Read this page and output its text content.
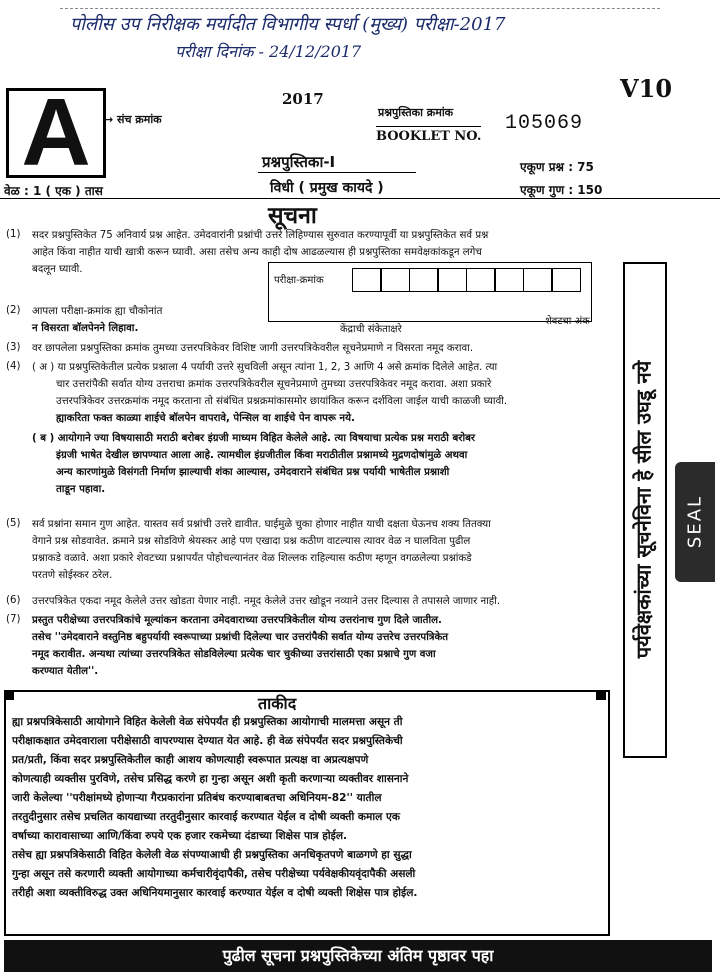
पोलीस उप निरीक्षक मर्यादीत विभागीय स्पर्धा (मुख्य) परीक्षा-2017
परीक्षा दिनांक - 24/12/2017
A	→ संच क्रमांक
2017
प्रश्नपुस्तिका क्रमांक
BOOKLET NO.
105069
V10
प्रश्नपुस्तिका-I
विधी ( प्रमुख कायदे )
वेळ : 1 ( एक ) तास
एकूण प्रश्न : 75
एकूण गुण : 150
सूचना
(1) सदर प्रश्नपुस्तिकेत 75 अनिवार्य प्रश्न आहेत. उमेदवारांनी प्रश्नांची उत्तरे लिहिण्यास सुरुवात करण्यापूर्वी या प्रश्नपुस्तिकेत सर्व प्रश्न
आहेत किंवा नाहीत याची खात्री करून घ्यावी. असा तसेच अन्य काही दोष आढळल्यास ही प्रश्नपुस्तिका समवेक्षकांकडून लगेच
बदलून घ्यावी.
परीक्षा-क्रमांक
केंद्राची संकेताक्षरे
शेवटचा अंक
(2) आपला परीक्षा-क्रमांक ह्या चौकोनांत
न विसरता बॉलपेनने लिहावा.
(3) वर छापलेला प्रश्नपुस्तिका क्रमांक तुमच्या उत्तरपत्रिकेवर विशिष्ट जागी उत्तरपत्रिकेवरील सूचनेप्रमाणे न विसरता नमूद करावा.
(4) ( अ ) या प्रश्नपुस्तिकेतील प्रत्येक प्रश्नाला 4 पर्यायी उत्तरे सुचविली असून त्यांना 1, 2, 3 आणि 4 असे क्रमांक दिलेले आहेत. त्या
चार उत्तरांपैकी सर्वात योग्य उत्तराचा क्रमांक उत्तरपत्रिकेवरील सूचनेप्रमाणे तुमच्या उत्तरपत्रिकेवर नमूद करावा. अशा प्रकारे
उत्तरपत्रिकेवर उत्तरक्रमांक नमूद करताना तो संबंधित प्रश्नक्रमांकासमोर छायांकित करून दर्शविला जाईल याची काळजी घ्यावी.
ह्याकरिता फक्त काळ्या शाईचे बॉलपेन वापरावे, पेन्सिल वा शाईचे पेन वापरू नये.
( ब ) आयोगाने ज्या विषयासाठी मराठी बरोबर इंग्रजी माध्यम विहित केलेले आहे. त्या विषयाचा प्रत्येक प्रश्न मराठी बरोबर
इंग्रजी भाषेत देखील छापण्यात आला आहे. त्यामधील इंग्रजीतील किंवा मराठीतील प्रश्नामध्ये मुद्रणदोषांमुळे अथवा
अन्य कारणांमुळे विसंगती निर्माण झाल्याची शंका आल्यास, उमेदवाराने संबंधित प्रश्न पर्यायी भाषेतील प्रश्नाशी
ताडून पहावा.
(5) सर्व प्रश्नांना समान गुण आहेत. यास्तव सर्व प्रश्नांची उत्तरे द्यावीत. घाईमुळे चुका होणार नाहीत याची दक्षता घेऊनच शक्य तितक्या
वेगाने प्रश्न सोडवावेत. क्रमाने प्रश्न सोडविणे श्रेयस्कर आहे पण एखादा प्रश्न कठीण वाटल्यास त्यावर वेळ न घालविता पुढील
प्रश्नाकडे वळावे. अशा प्रकारे शेवटच्या प्रश्नापर्यंत पोहोचल्यानंतर वेळ शिल्लक राहिल्यास कठीण म्हणून वगळलेल्या प्रश्नांकडे
परतणे सोईस्कर ठरेल.
(6) उत्तरपत्रिकेत एकदा नमूद केलेले उत्तर खोडता येणार नाही. नमूद केलेले उत्तर खोडून नव्याने उत्तर दिल्यास ते तपासले जाणार नाही.
(7) प्रस्तुत परीक्षेच्या उत्तरपत्रिकांचे मूल्यांकन करताना उमेदवाराच्या उत्तरपत्रिकेतील योग्य उत्तरांनाच गुण दिले जातील.
तसेच ''उमेदवाराने वस्तुनिष्ठ बहुपर्यायी स्वरूपाच्या प्रश्नांची दिलेल्या चार उत्तरांपैकी सर्वात योग्य उत्तरेच उत्तरपत्रिकेत
नमूद करावीत. अन्यथा त्यांच्या उत्तरपत्रिकेत सोडविलेल्या प्रत्येक चार चुकीच्या उत्तरांसाठी एका प्रश्नाचे गुण वजा
करण्यात येतील''.
पर्यवेक्षकांच्या सूचनेविना हे सील उघडू नये SEAL
ताकीद
ह्या प्रश्नपत्रिकेसाठी आयोगाने विहित केलेली वेळ संपेपर्यंत ही प्रश्नपुस्तिका आयोगाची मालमत्ता असून ती
परीक्षाकक्षात उमेदवाराला परीक्षेसाठी वापरण्यास देण्यात येत आहे. ही वेळ संपेपर्यंत सदर प्रश्नपुस्तिकेची
प्रत/प्रती, किंवा सदर प्रश्नपुस्तिकेतील काही आशय कोणत्याही स्वरूपात प्रत्यक्ष वा अप्रत्यक्षपणे
कोणत्याही व्यक्तीस पुरविणे, तसेच प्रसिद्ध करणे हा गुन्हा असून अशी कृती करणाऱ्या व्यक्तीवर शासनाने
जारी केलेल्या ''परीक्षांमध्ये होणाऱ्या गैरप्रकारांना प्रतिबंध करण्याबाबतचा अधिनियम-82'' यातील
तरतुदीनुसार तसेच प्रचलित कायद्याच्या तरतुदीनुसार कारवाई करण्यात येईल व दोषी व्यक्ती कमाल एक
वर्षाच्या कारावासाच्या आणि/किंवा रुपये एक हजार रकमेच्या दंडाच्या शिक्षेस पात्र होईल.
तसेच ह्या प्रश्नपत्रिकेसाठी विहित केलेली वेळ संपण्याआधी ही प्रश्नपुस्तिका अनधिकृतपणे बाळगणे हा सुद्धा
गुन्हा असून तसे करणारी व्यक्ती आयोगाच्या कर्मचारीवृंदापैकी, तसेच परीक्षेच्या पर्यवेक्षकीयवृंदापैकी असली
तरीही अशा व्यक्तीविरुद्ध उक्त अधिनियमानुसार कारवाई करण्यात येईल व दोषी व्यक्ती शिक्षेस पात्र होईल.
पुढील सूचना प्रश्नपुस्तिकेच्या अंतिम पृष्ठावर पहा
